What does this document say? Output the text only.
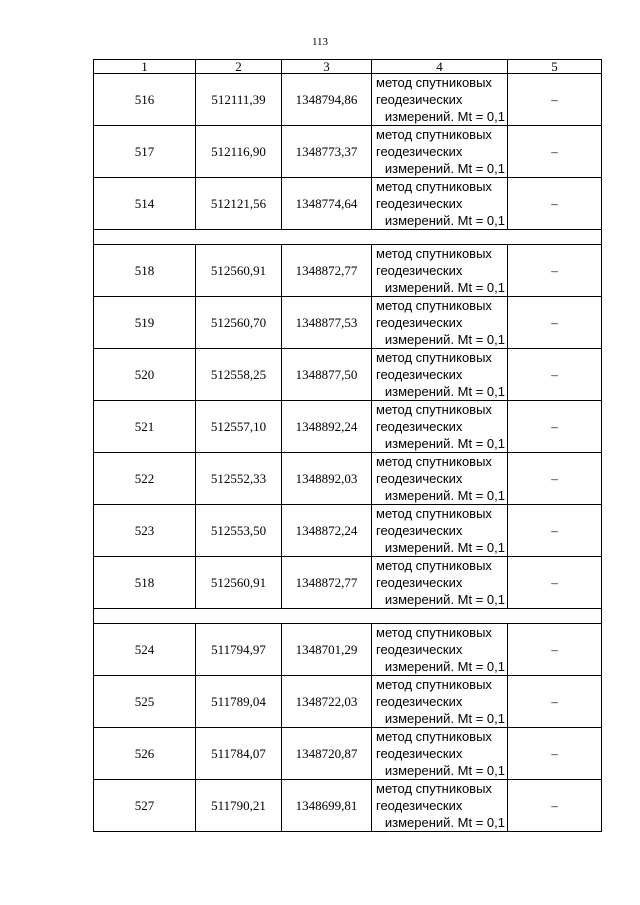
113
1	2	3	4	5
516	512111,39	1348794,86	метод спутниковых
геодезических
измерений. Mt = 0,1	–
517	512116,90	1348773,37	метод спутниковых
геодезических
измерений. Mt = 0,1	–
514	512121,56	1348774,64	метод спутниковых
геодезических
измерений. Mt = 0,1	–

518	512560,91	1348872,77	метод спутниковых
геодезических
измерений. Mt = 0,1	–
519	512560,70	1348877,53	метод спутниковых
геодезических
измерений. Mt = 0,1	–
520	512558,25	1348877,50	метод спутниковых
геодезических
измерений. Mt = 0,1	–
521	512557,10	1348892,24	метод спутниковых
геодезических
измерений. Mt = 0,1	–
522	512552,33	1348892,03	метод спутниковых
геодезических
измерений. Mt = 0,1	–
523	512553,50	1348872,24	метод спутниковых
геодезических
измерений. Mt = 0,1	–
518	512560,91	1348872,77	метод спутниковых
геодезических
измерений. Mt = 0,1	–

524	511794,97	1348701,29	метод спутниковых
геодезических
измерений. Mt = 0,1	–
525	511789,04	1348722,03	метод спутниковых
геодезических
измерений. Mt = 0,1	–
526	511784,07	1348720,87	метод спутниковых
геодезических
измерений. Mt = 0,1	–
527	511790,21	1348699,81	метод спутниковых
геодезических
измерений. Mt = 0,1	–
